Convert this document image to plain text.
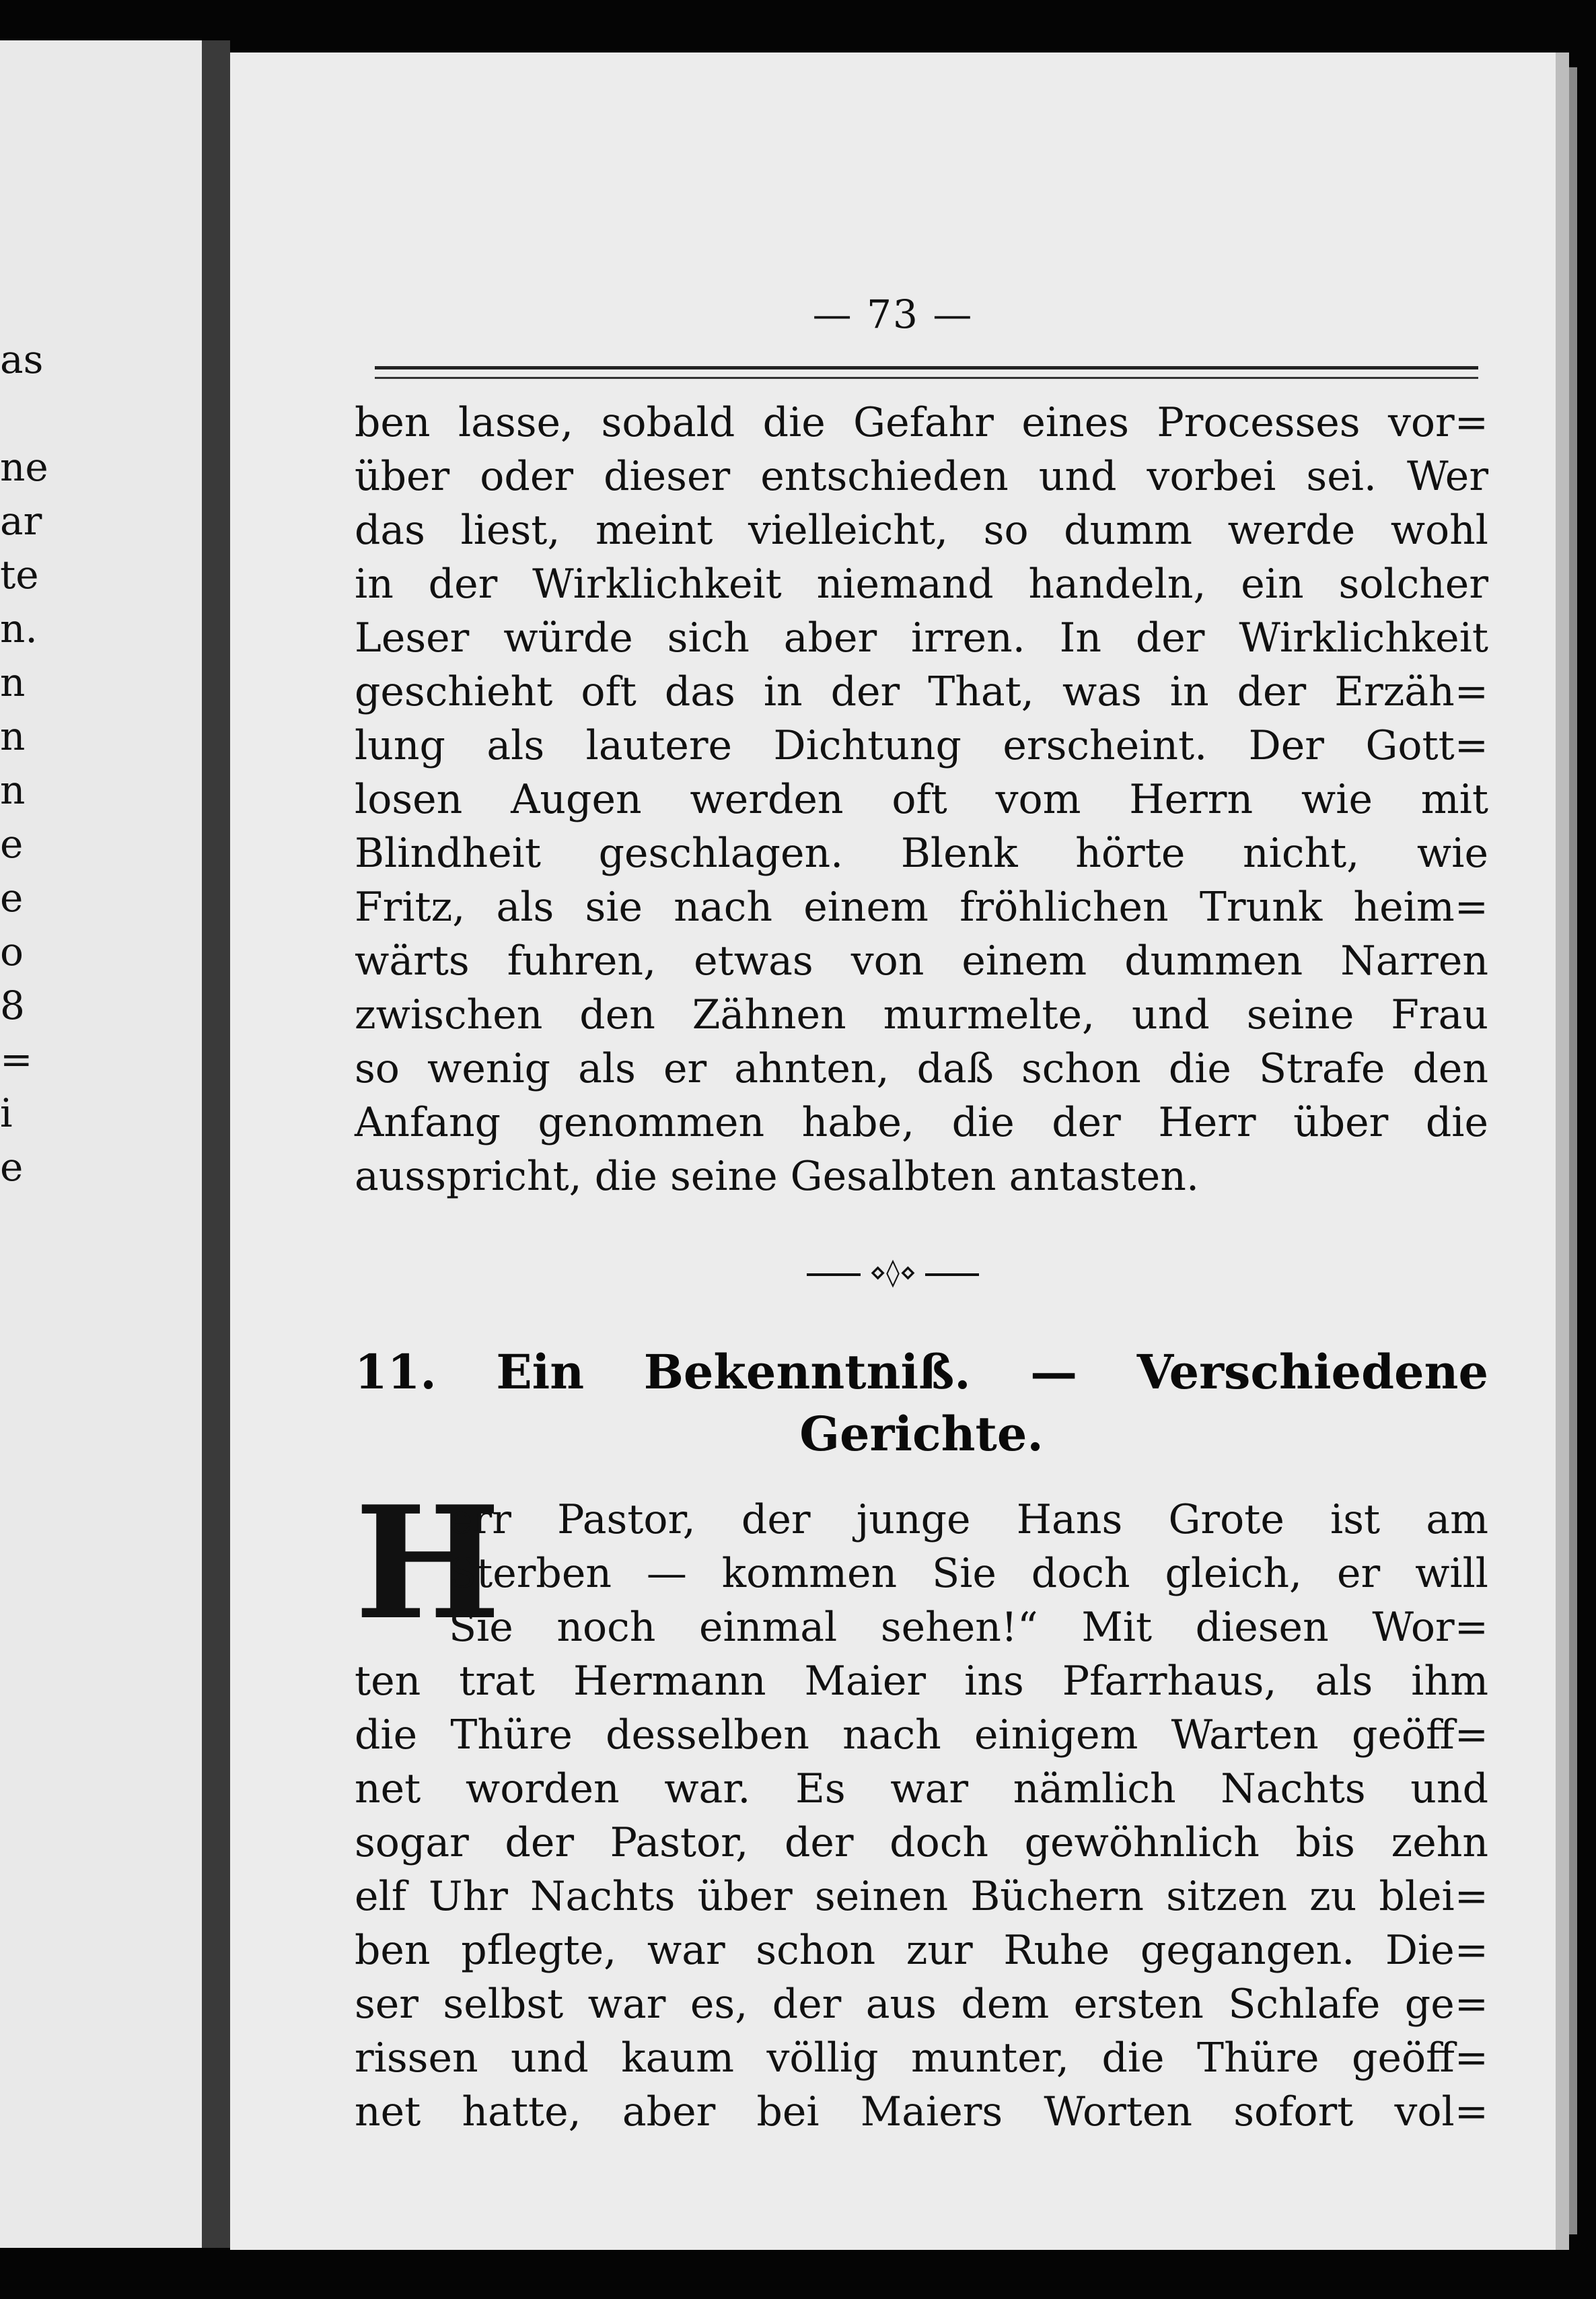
as
ne
ar
te
n.
n
n
n
e
e
o
8
=
i
e
— 73 —
ben lasse, sobald die Gefahr eines Processes vor=
über oder dieser entschieden und vorbei sei. Wer
das liest, meint vielleicht, so dumm werde wohl
in der Wirklichkeit niemand handeln, ein solcher
Leser würde sich aber irren. In der Wirklichkeit
geschieht oft das in der That, was in der Erzäh=
lung als lautere Dichtung erscheint. Der Gott=
losen Augen werden oft vom Herrn wie mit
Blindheit geschlagen. Blenk hörte nicht, wie
Fritz, als sie nach einem fröhlichen Trunk heim=
wärts fuhren, etwas von einem dummen Narren
zwischen den Zähnen murmelte, und seine Frau
so wenig als er ahnten, daß schon die Strafe den
Anfang genommen habe, die der Herr über die
ausspricht, die seine Gesalbten antasten.
⋄◊⋄
11. Ein Bekenntniß. — Verschiedene
Gerichte.
H
err Pastor, der junge Hans Grote ist am
Sterben — kommen Sie doch gleich, er will
Sie noch einmal sehen!“ Mit diesen Wor=
ten trat Hermann Maier ins Pfarrhaus, als ihm
die Thüre desselben nach einigem Warten geöff=
net worden war. Es war nämlich Nachts und
sogar der Pastor, der doch gewöhnlich bis zehn
elf Uhr Nachts über seinen Büchern sitzen zu blei=
ben pflegte, war schon zur Ruhe gegangen. Die=
ser selbst war es, der aus dem ersten Schlafe ge=
rissen und kaum völlig munter, die Thüre geöff=
net hatte, aber bei Maiers Worten sofort vol=
